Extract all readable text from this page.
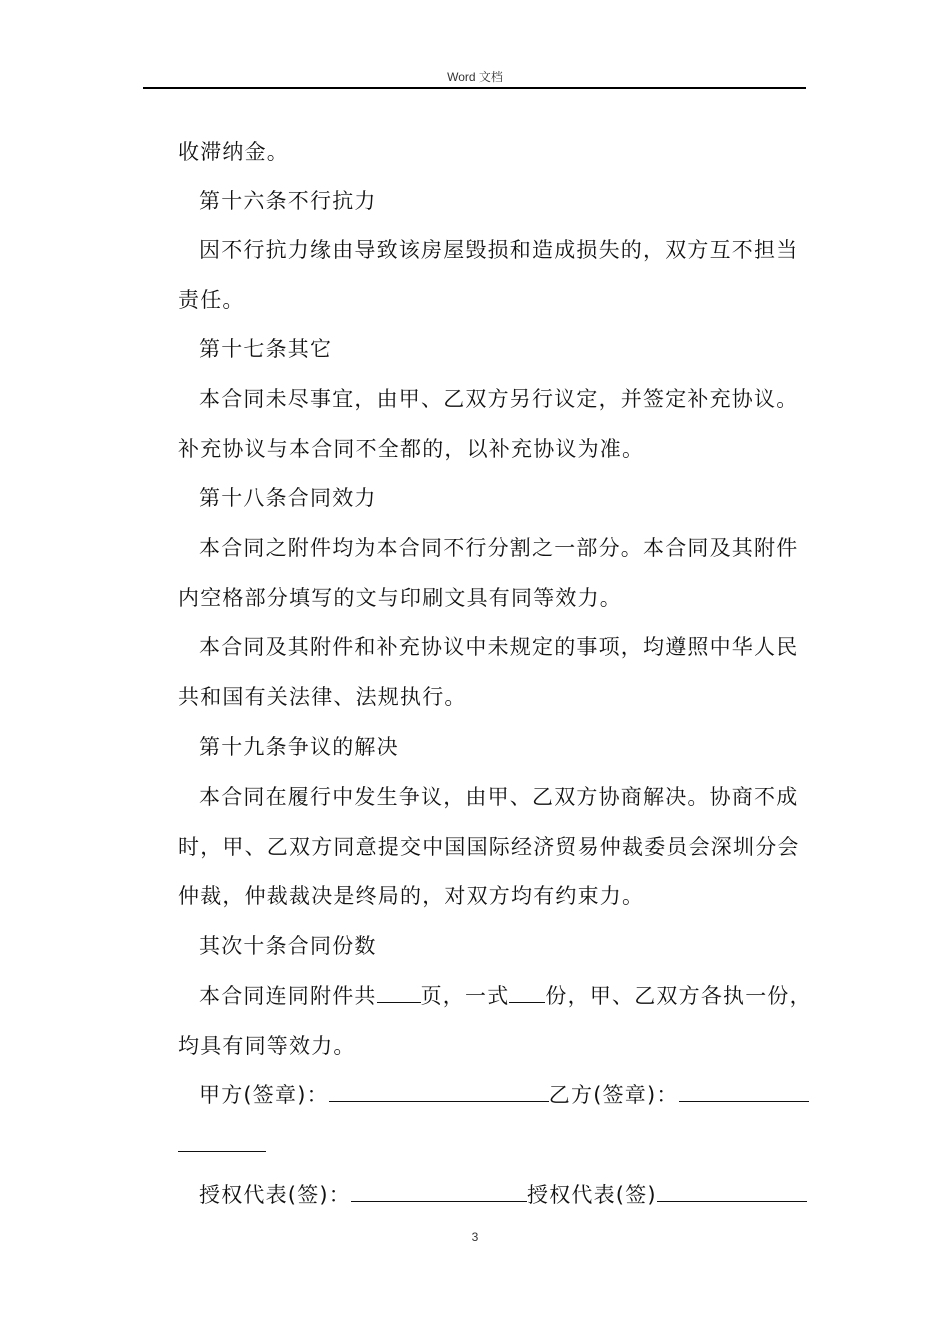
Word 文档
收滞纳金。
第十六条不行抗力
因不行抗力缘由导致该房屋毁损和造成损失的，双方互不担当
责任。
第十七条其它
本合同未尽事宜，由甲、乙双方另行议定，并签定补充协议。
补充协议与本合同不全都的，以补充协议为准。
第十八条合同效力
本合同之附件均为本合同不行分割之一部分。本合同及其附件
内空格部分填写的文与印刷文具有同等效力。
本合同及其附件和补充协议中未规定的事项，均遵照中华人民
共和国有关法律、法规执行。
第十九条争议的解决
本合同在履行中发生争议，由甲、乙双方协商解决。协商不成
时，甲、乙双方同意提交中国国际经济贸易仲裁委员会深圳分会
仲裁，仲裁裁决是终局的，对双方均有约束力。
其次十条合同份数
本合同连同附件共 页，一式 份，甲、乙双方各执一份，
均具有同等效力。
甲方(签章)：	乙方(签章)：
授权代表(签)：	授权代表(签)
3
